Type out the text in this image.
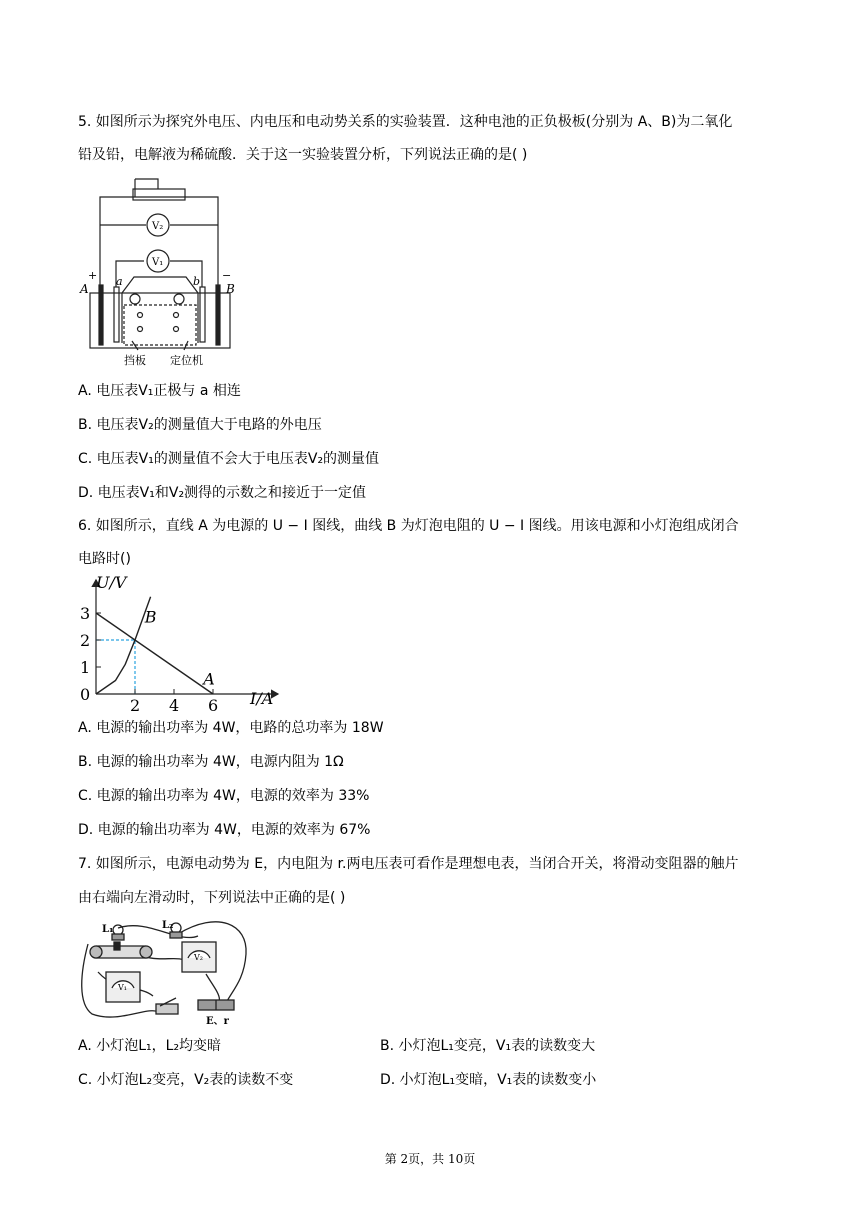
5. 如图所示为探究外电压、内电压和电动势关系的实验装置．这种电池的正负极板(分别为 A、B)为二氧化
铅及铅，电解液为稀硫酸．关于这一实验装置分析，下列说法正确的是( )
V₂
V₁
+	−
A
a	b
B
挡板 定位机
A. 电压表V₁正极与 a 相连
B. 电压表V₂的测量值大于电路的外电压
C. 电压表V₁的测量值不会大于电压表V₂的测量值
D. 电压表V₁和V₂测得的示数之和接近于一定值
6. 如图所示，直线 A 为电源的 U − I 图线，曲线 B 为灯泡电阻的 U − I 图线。用该电源和小灯泡组成闭合
电路时()
A
B
2 4 6
1
2
3
U/V
I/A
0
A. 电源的输出功率为 4W，电路的总功率为 18W
B. 电源的输出功率为 4W，电源内阻为 1Ω
C. 电源的输出功率为 4W，电源的效率为 33%
D. 电源的输出功率为 4W，电源的效率为 67%
7. 如图所示，电源电动势为 E，内电阻为 r.两电压表可看作是理想电表，当闭合开关，将滑动变阻器的触片
由右端向左滑动时，下列说法中正确的是( )
L₁	L₂
V₂
V₁
E、r
A. 小灯泡L₁，L₂均变暗	B. 小灯泡L₁变亮，V₁表的读数变大
C. 小灯泡L₂变亮，V₂表的读数不变	D. 小灯泡L₁变暗，V₁表的读数变小
第 2页，共 10页
